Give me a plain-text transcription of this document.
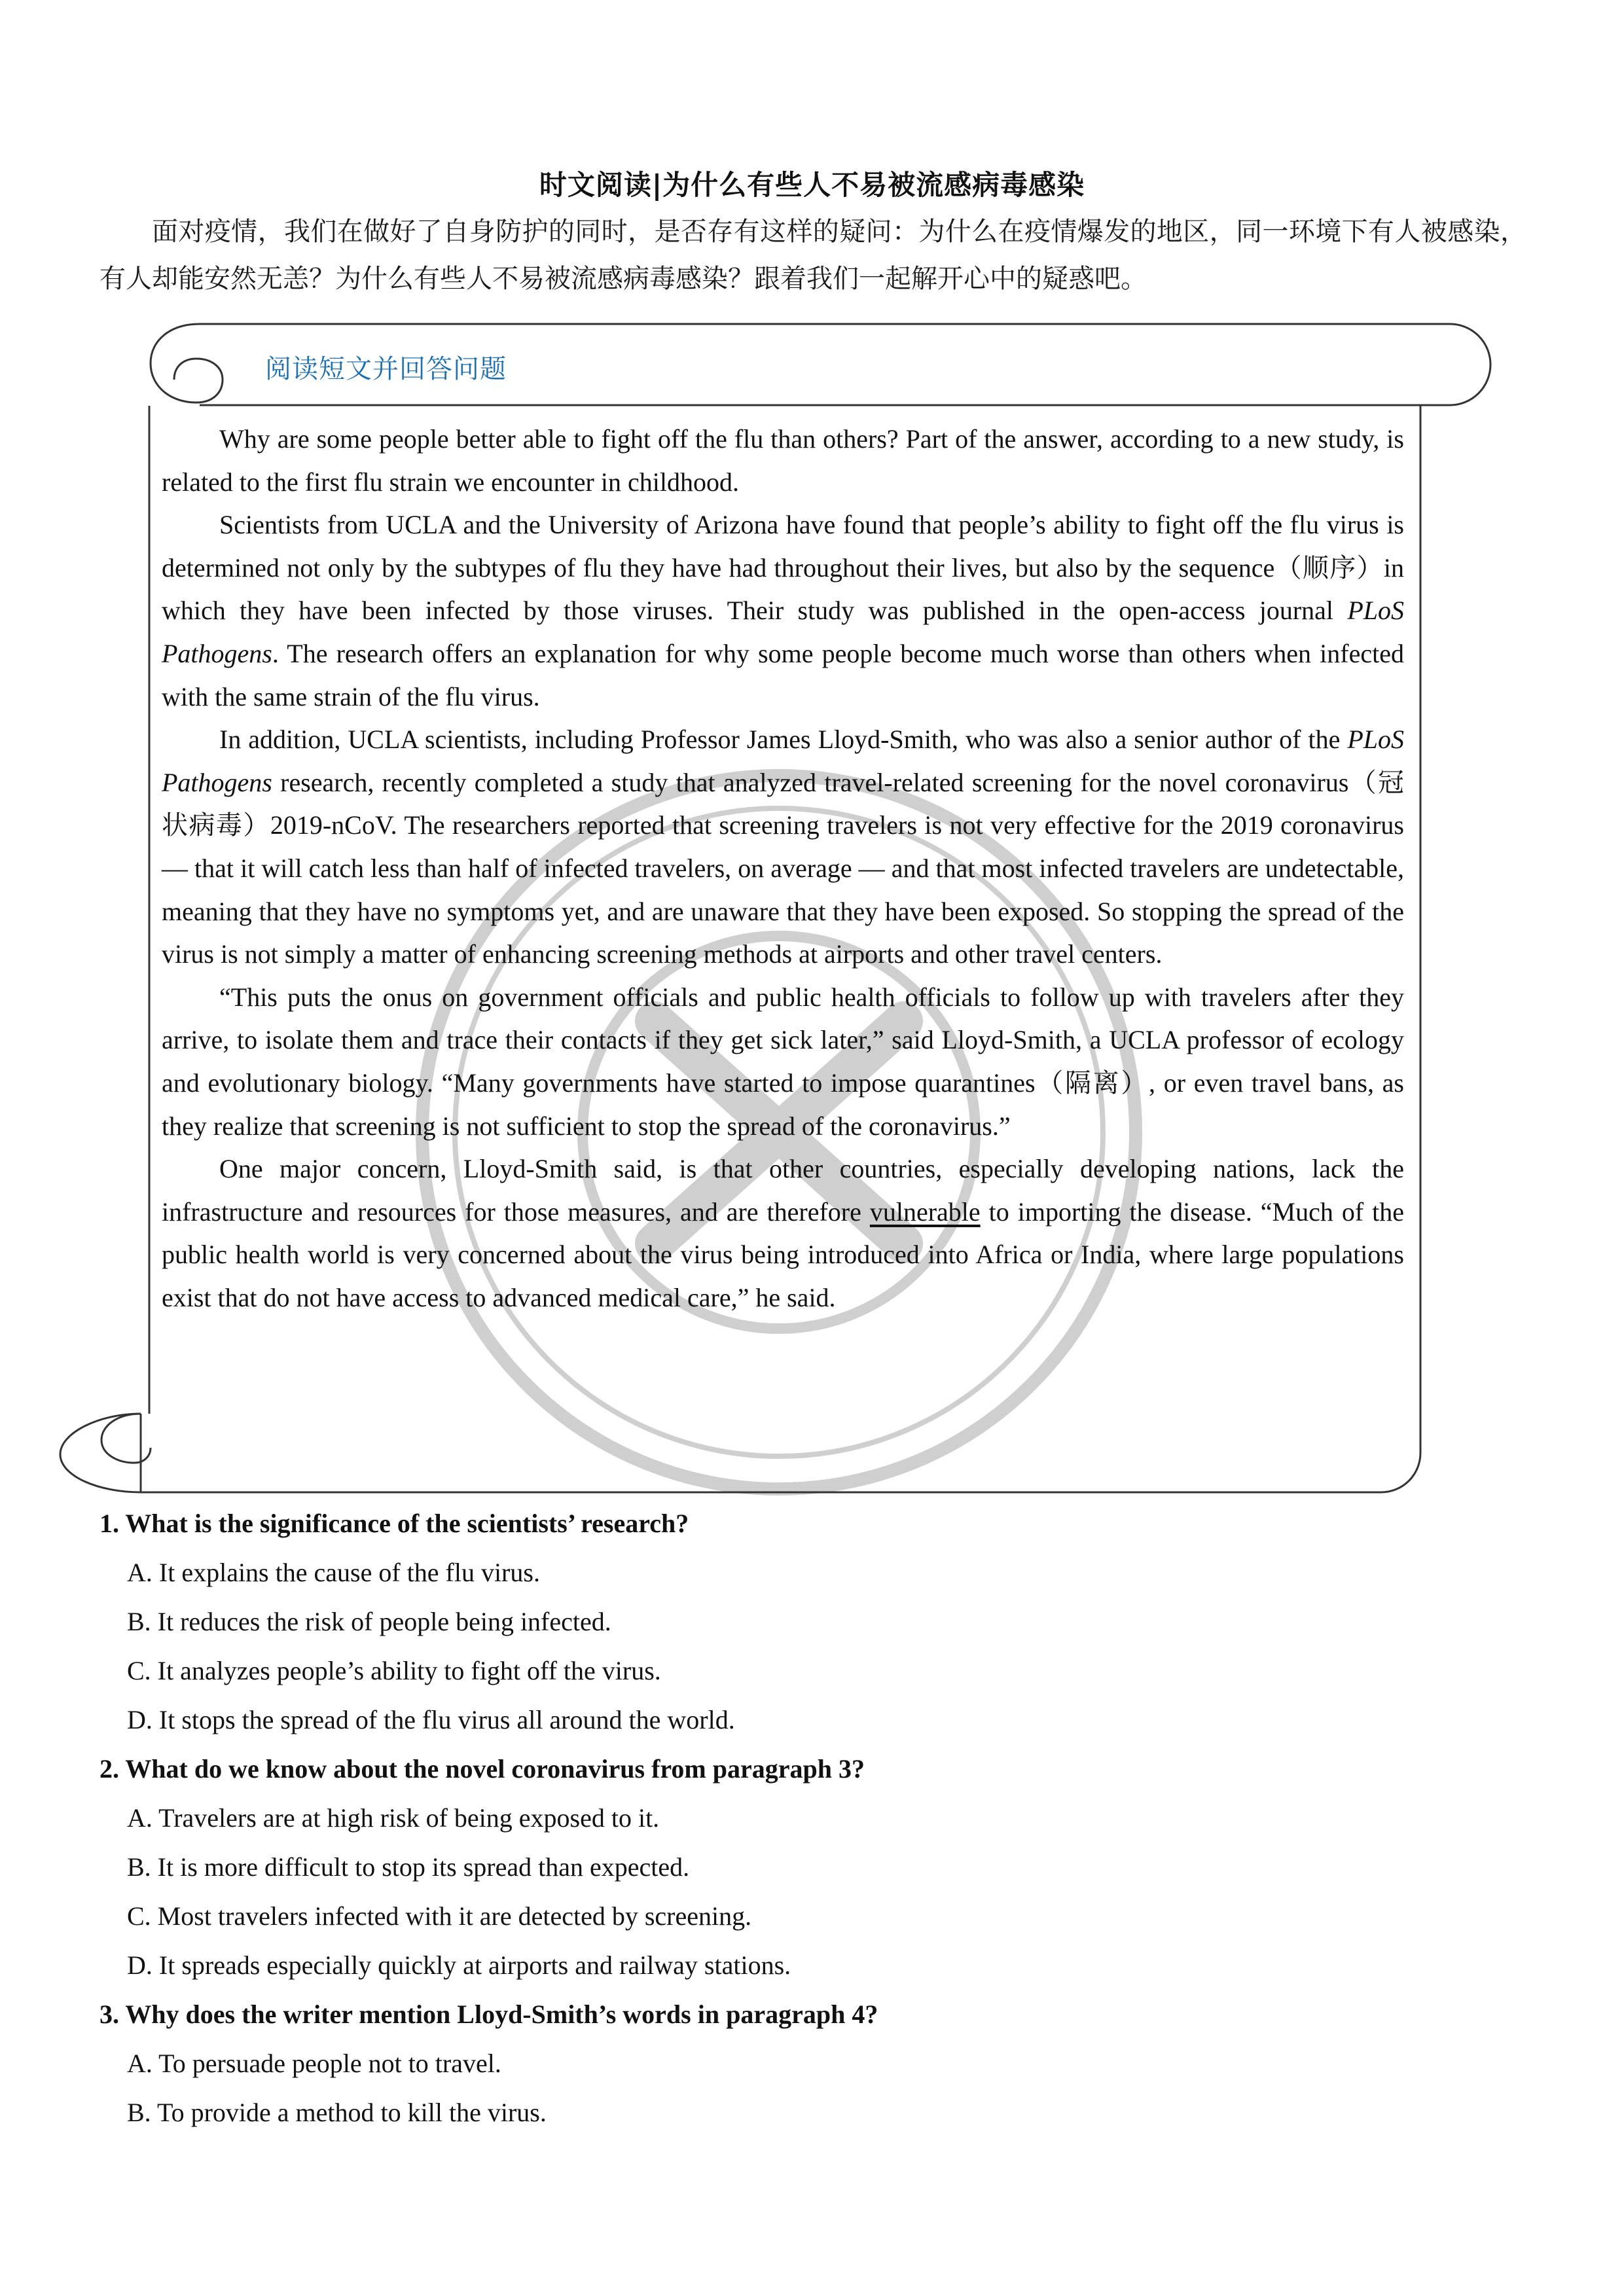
时文阅读|为什么有些人不易被流感病毒感染
面对疫情，我们在做好了自身防护的同时，是否存有这样的疑问：为什么在疫情爆发的地区，同一环境下有人被感染，有人却能安然无恙？为什么有些人不易被流感病毒感染？跟着我们一起解开心中的疑惑吧。
阅读短文并回答问题

Why are some people better able to fight off the flu than others? Part of the answer, according to a new study, is related to the first flu strain we encounter in childhood.

Scientists from UCLA and the University of Arizona have found that people’s ability to fight off the flu virus is determined not only by the subtypes of flu they have had throughout their lives, but also by the sequence（顺序）in which they have been infected by those viruses. Their study was published in the open-access journal PLoS Pathogens. The research offers an explanation for why some people become much worse than others when infected with the same strain of the flu virus.

In addition, UCLA scientists, including Professor James Lloyd-Smith, who was also a senior author of the PLoS Pathogens research, recently completed a study that analyzed travel-related screening for the novel coronavirus（冠状病毒）2019-nCoV. The researchers reported that screening travelers is not very effective for the 2019 coronavirus — that it will catch less than half of infected travelers, on average — and that most infected travelers are undetectable, meaning that they have no symptoms yet, and are unaware that they have been exposed. So stopping the spread of the virus is not simply a matter of enhancing screening methods at airports and other travel centers.

“This puts the onus on government officials and public health officials to follow up with travelers after they arrive, to isolate them and trace their contacts if they get sick later,” said Lloyd-Smith, a UCLA professor of ecology and evolutionary biology. “Many governments have started to impose quarantines（隔离）, or even travel bans, as they realize that screening is not sufficient to stop the spread of the coronavirus.”

One major concern, Lloyd-Smith said, is that other countries, especially developing nations, lack the infrastructure and resources for those measures, and are therefore vulnerable to importing the disease. “Much of the public health world is very concerned about the virus being introduced into Africa or India, where large populations exist that do not have access to advanced medical care,” he said.

1. What is the significance of the scientists’ research?
A. It explains the cause of the flu virus.
B. It reduces the risk of people being infected.
C. It analyzes people’s ability to fight off the virus.
D. It stops the spread of the flu virus all around the world.
2. What do we know about the novel coronavirus from paragraph 3?
A. Travelers are at high risk of being exposed to it.
B. It is more difficult to stop its spread than expected.
C. Most travelers infected with it are detected by screening.
D. It spreads especially quickly at airports and railway stations.
3. Why does the writer mention Lloyd-Smith’s words in paragraph 4?
A. To persuade people not to travel.
B. To provide a method to kill the virus.
